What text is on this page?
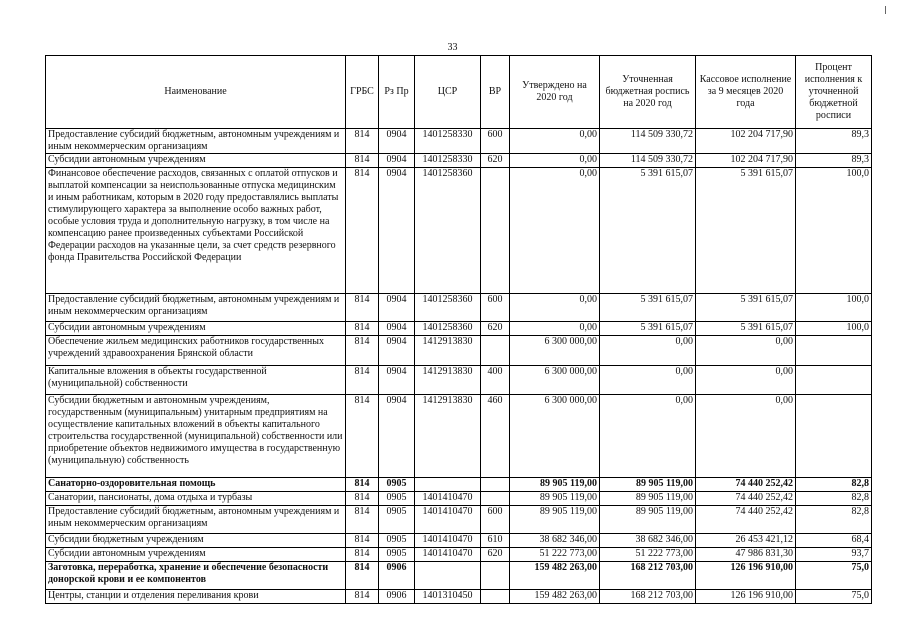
33
Наименование	ГРБС	Рз Пр	ЦСР	ВР	Утверждено на 2020 год	Уточненная бюджетная роспись на 2020 год	Кассовое исполнение за 9 месяцев 2020 года	Процент исполнения к уточненной бюджетной росписи
Предоставление субсидий бюджетным, автономным учреждениям и иным некоммерческим организациям	814	0904	1401258330	600	0,00	114 509 330,72	102 204 717,90	89,3
Субсидии автономным учреждениям	814	0904	1401258330	620	0,00	114 509 330,72	102 204 717,90	89,3
Финансовое обеспечение расходов, связанных с оплатой отпусков и выплатой компенсации за неиспользованные отпуска медицинским и иным работникам, которым в 2020 году предоставлялись выплаты стимулирующего характера за выполнение особо важных работ, особые условия труда и дополнительную нагрузку, в том числе на компенсацию ранее произведенных субъектами Российской Федерации расходов на указанные цели, за счет средств резервного фонда Правительства Российской Федерации	814	0904	1401258360		0,00	5 391 615,07	5 391 615,07	100,0
Предоставление субсидий бюджетным, автономным учреждениям и иным некоммерческим организациям	814	0904	1401258360	600	0,00	5 391 615,07	5 391 615,07	100,0
Субсидии автономным учреждениям	814	0904	1401258360	620	0,00	5 391 615,07	5 391 615,07	100,0
Обеспечение жильем медицинских работников государственных учреждений здравоохранения Брянской области	814	0904	1412913830		6 300 000,00	0,00	0,00	
Капитальные вложения в объекты государственной (муниципальной) собственности	814	0904	1412913830	400	6 300 000,00	0,00	0,00	
Субсидии бюджетным и автономным учреждениям, государственным (муниципальным) унитарным предприятиям на осуществление капитальных вложений в объекты капитального строительства государственной (муниципальной) собственности или приобретение объектов недвижимого имущества в государственную (муниципальную) собственность	814	0904	1412913830	460	6 300 000,00	0,00	0,00	
Санаторно-оздоровительная помощь	814	0905			89 905 119,00	89 905 119,00	74 440 252,42	82,8
Санатории, пансионаты, дома отдыха и турбазы	814	0905	1401410470		89 905 119,00	89 905 119,00	74 440 252,42	82,8
Предоставление субсидий бюджетным, автономным учреждениям и иным некоммерческим организациям	814	0905	1401410470	600	89 905 119,00	89 905 119,00	74 440 252,42	82,8
Субсидии бюджетным учреждениям	814	0905	1401410470	610	38 682 346,00	38 682 346,00	26 453 421,12	68,4
Субсидии автономным учреждениям	814	0905	1401410470	620	51 222 773,00	51 222 773,00	47 986 831,30	93,7
Заготовка, переработка, хранение и обеспечение безопасности донорской крови и ее компонентов	814	0906			159 482 263,00	168 212 703,00	126 196 910,00	75,0
Центры, станции и отделения переливания крови	814	0906	1401310450		159 482 263,00	168 212 703,00	126 196 910,00	75,0
